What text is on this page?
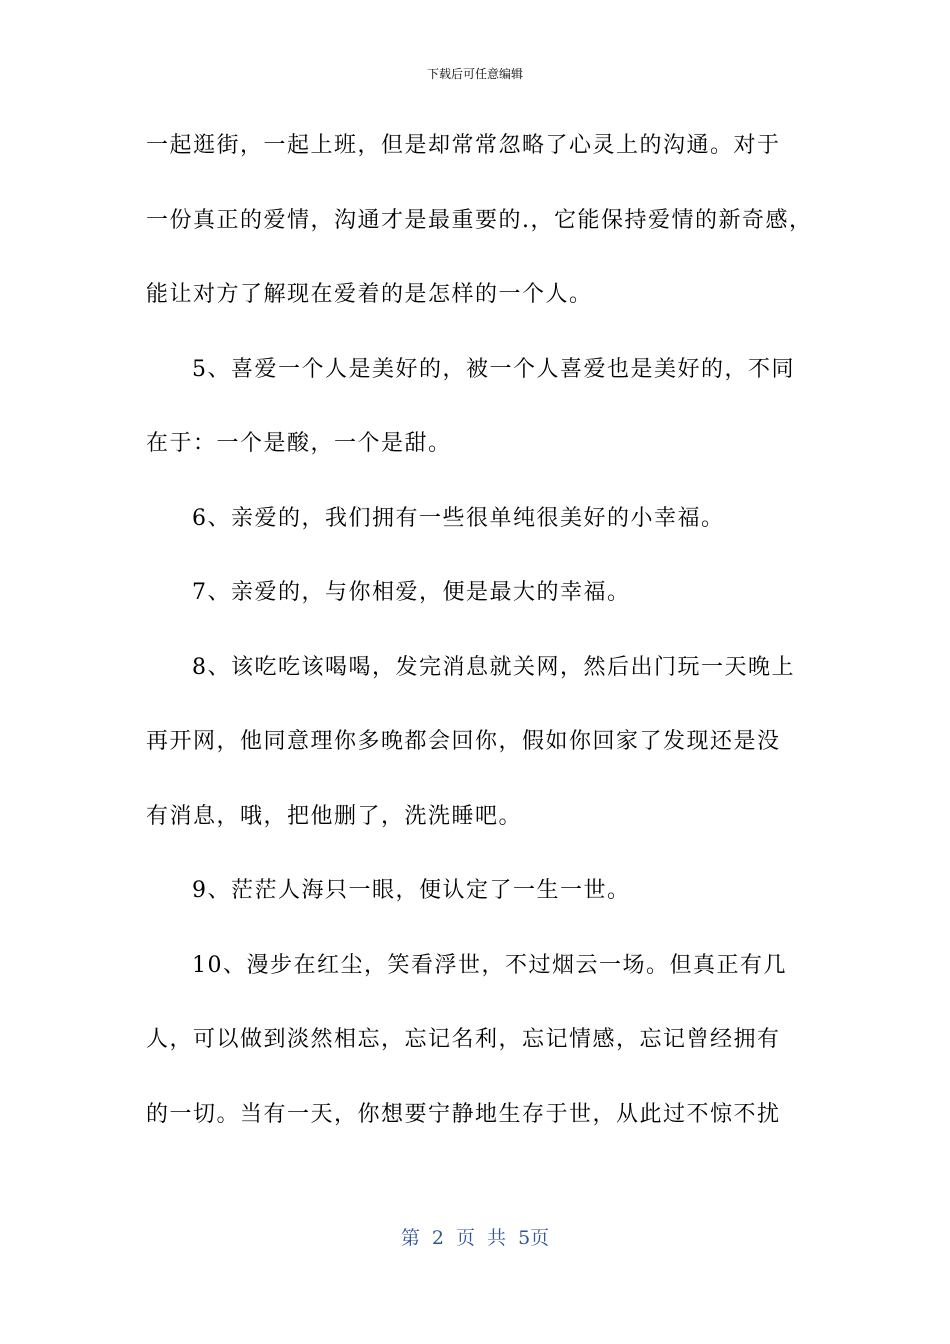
下载后可任意编辑
一起逛街，一起上班，但是却常常忽略了心灵上的沟通。对于
一份真正的爱情，沟通才是最重要的.，它能保持爱情的新奇感，
能让对方了解现在爱着的是怎样的一个人。
5、喜爱一个人是美好的，被一个人喜爱也是美好的，不同
在于：一个是酸，一个是甜。
6、亲爱的，我们拥有一些很单纯很美好的小幸福。
7、亲爱的，与你相爱，便是最大的幸福。
8、该吃吃该喝喝，发完消息就关网，然后出门玩一天晚上
再开网，他同意理你多晚都会回你，假如你回家了发现还是没
有消息，哦，把他删了，洗洗睡吧。
9、茫茫人海只一眼，便认定了一生一世。
10、漫步在红尘，笑看浮世，不过烟云一场。但真正有几
人，可以做到淡然相忘，忘记名利，忘记情感，忘记曾经拥有
的一切。当有一天，你想要宁静地生存于世，从此过不惊不扰
第 2 页 共 5页
